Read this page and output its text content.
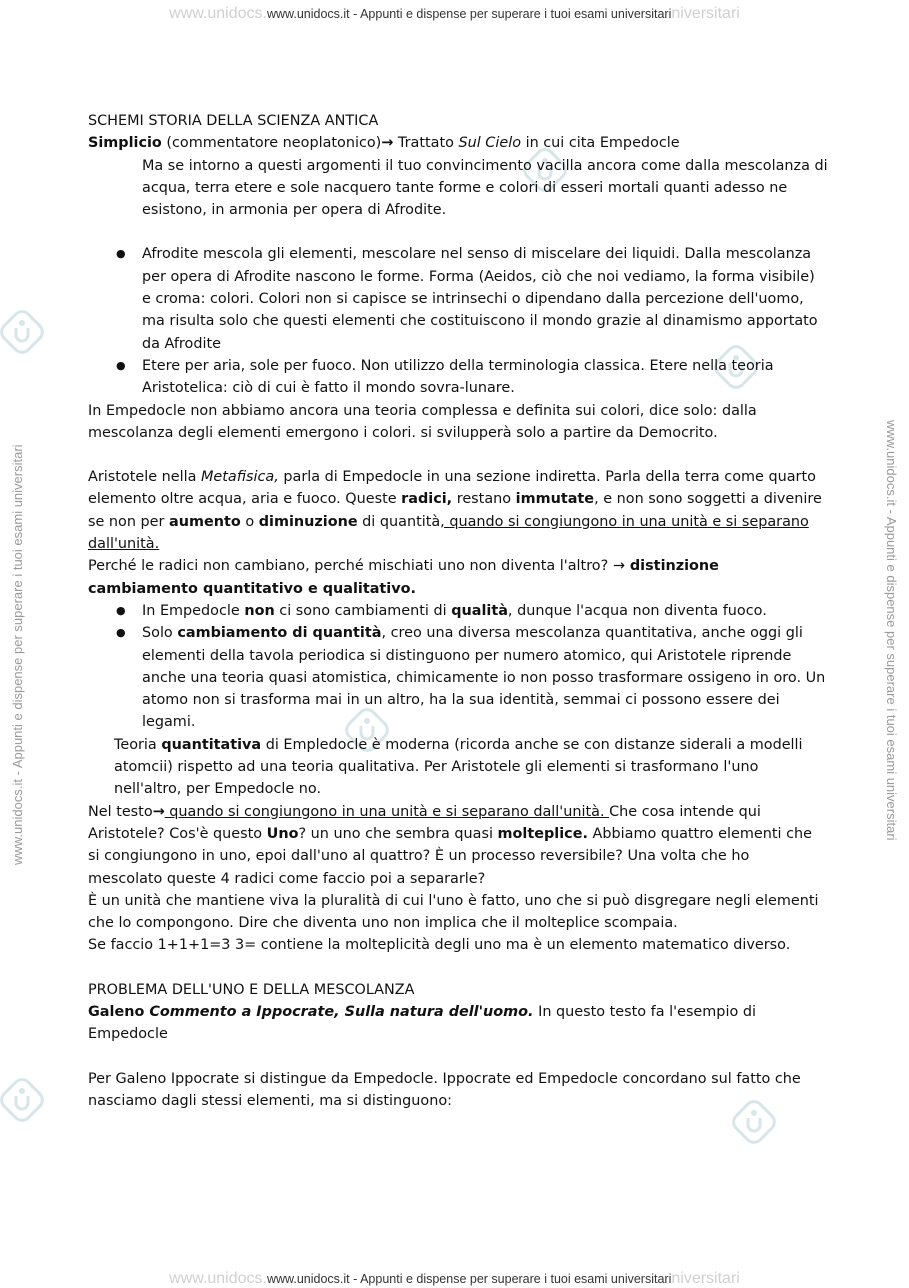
www.unidocs.www.unidocs.it - Appunti e dispense per superare i tuoi esami universitariniversitari
www.unidocs.it - Appunti e dispense per superare i tuoi esami universitari	www.unidocs.it - Appunti e dispense per superare i tuoi esami universitari

SCHEMI STORIA DELLA SCIENZA ANTICA

Simplicio (commentatore neoplatonico)→ Trattato Sul Cielo in cui cita Empedocle

Ma se intorno a questi argomenti il tuo convincimento vacilla ancora come dalla mescolanza di acqua, terra etere e sole nacquero tante forme e colori di esseri mortali quanti adesso ne esistono, in armonia per opera di Afrodite.

● Afrodite mescola gli elementi, mescolare nel senso di miscelare dei liquidi. Dalla mescolanza per opera di Afrodite nascono le forme. Forma (Aeidos, ciò che noi vediamo, la forma visibile) e croma: colori. Colori non si capisce se intrinsechi o dipendano dalla percezione dell'uomo, ma risulta solo che questi elementi che costituiscono il mondo grazie al dinamismo apportato da Afrodite
● Etere per aria, sole per fuoco. Non utilizzo della terminologia classica. Etere nella teoria Aristotelica: ciò di cui è fatto il mondo sovra-lunare.

In Empedocle non abbiamo ancora una teoria complessa e definita sui colori, dice solo: dalla mescolanza degli elementi emergono i colori. si svilupperà solo a partire da Democrito.

Aristotele nella Metafisica, parla di Empedocle in una sezione indiretta. Parla della terra come quarto elemento oltre acqua, aria e fuoco. Queste radici, restano immutate, e non sono soggetti a divenire se non per aumento o diminuzione di quantità, quando si congiungono in una unità e si separano dall'unità.

Perché le radici non cambiano, perché mischiati uno non diventa l'altro? → distinzione cambiamento quantitativo e qualitativo.

● In Empedocle non ci sono cambiamenti di qualità, dunque l'acqua non diventa fuoco.
● Solo cambiamento di quantità, creo una diversa mescolanza quantitativa, anche oggi gli elementi della tavola periodica si distinguono per numero atomico, qui Aristotele riprende anche una teoria quasi atomistica, chimicamente io non posso trasformare ossigeno in oro. Un atomo non si trasforma mai in un altro, ha la sua identità, semmai ci possono essere dei legami.

Teoria quantitativa di Empledocle è moderna (ricorda anche se con distanze siderali a modelli atomcii) rispetto ad una teoria qualitativa. Per Aristotele gli elementi si trasformano l'uno nell'altro, per Empedocle no.

Nel testo→ quando si congiungono in una unità e si separano dall'unità. Che cosa intende qui Aristotele? Cos'è questo Uno? un uno che sembra quasi molteplice. Abbiamo quattro elementi che si congiungono in uno, epoi dall'uno al quattro? È un processo reversibile? Una volta che ho mescolato queste 4 radici come faccio poi a separarle?

È un unità che mantiene viva la pluralità di cui l'uno è fatto, uno che si può disgregare negli elementi che lo compongono. Dire che diventa uno non implica che il molteplice scompaia.

Se faccio 1+1+1=3 3= contiene la molteplicità degli uno ma è un elemento matematico diverso.

PROBLEMA DELL'UNO E DELLA MESCOLANZA

Galeno Commento a Ippocrate, Sulla natura dell'uomo. In questo testo fa l'esempio di Empedocle

Per Galeno Ippocrate si distingue da Empedocle. Ippocrate ed Empedocle concordano sul fatto che nasciamo dagli stessi elementi, ma si distinguono:

www.unidocs.www.unidocs.it - Appunti e dispense per superare i tuoi esami universitariniversitari
